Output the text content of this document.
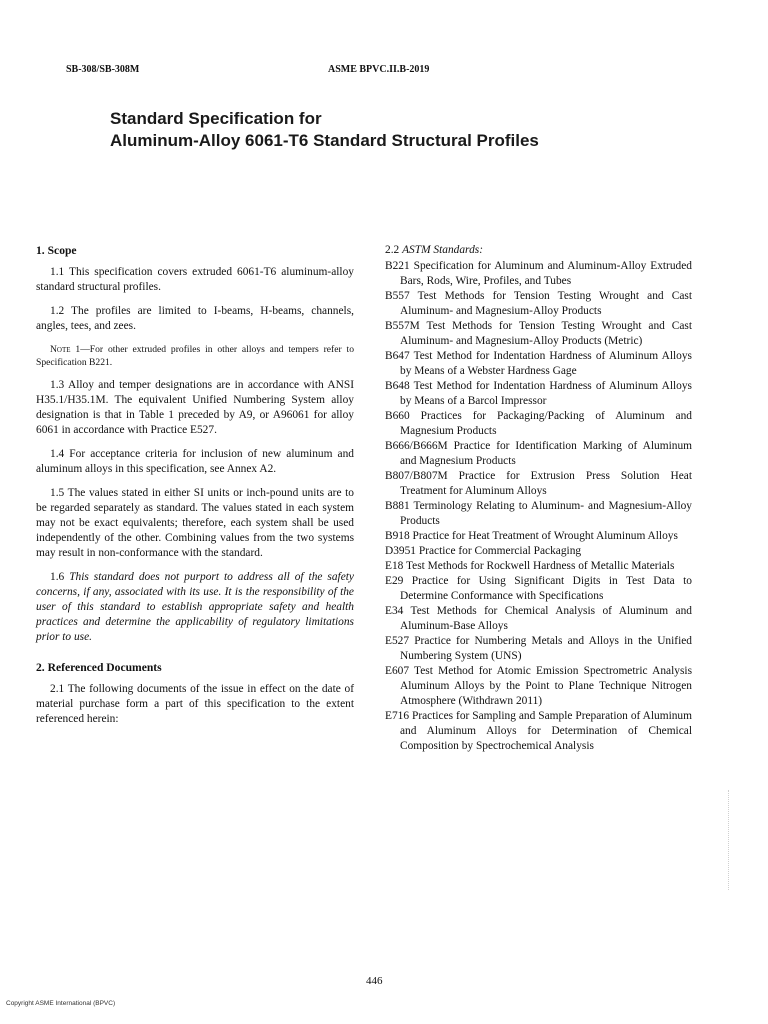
SB-308/SB-308M	ASME BPVC.II.B-2019
Standard Specification for
Aluminum-Alloy 6061-T6 Standard Structural Profiles
1. Scope

1.1 This specification covers extruded 6061-T6 aluminum-alloy standard structural profiles.

1.2 The profiles are limited to I-beams, H-beams, channels, angles, tees, and zees.

Note 1—For other extruded profiles in other alloys and tempers refer to Specification B221.

1.3 Alloy and temper designations are in accordance with ANSI H35.1/H35.1M. The equivalent Unified Numbering System alloy designation is that in Table 1 preceded by A9, or A96061 for alloy 6061 in accordance with Practice E527.

1.4 For acceptance criteria for inclusion of new aluminum and aluminum alloys in this specification, see Annex A2.

1.5 The values stated in either SI units or inch-pound units are to be regarded separately as standard. The values stated in each system may not be exact equivalents; therefore, each system shall be used independently of the other. Combining values from the two systems may result in non-conformance with the standard.

1.6 This standard does not purport to address all of the safety concerns, if any, associated with its use. It is the responsibility of the user of this standard to establish appropriate safety and health practices and determine the applicability of regulatory limitations prior to use.

2. Referenced Documents

2.1 The following documents of the issue in effect on the date of material purchase form a part of this specification to the extent referenced herein:

2.2 ASTM Standards:

B221 Specification for Aluminum and Aluminum-Alloy Extruded Bars, Rods, Wire, Profiles, and Tubes

B557 Test Methods for Tension Testing Wrought and Cast Aluminum- and Magnesium-Alloy Products

B557M Test Methods for Tension Testing Wrought and Cast Aluminum- and Magnesium-Alloy Products (Metric)

B647 Test Method for Indentation Hardness of Aluminum Alloys by Means of a Webster Hardness Gage

B648 Test Method for Indentation Hardness of Aluminum Alloys by Means of a Barcol Impressor

B660 Practices for Packaging/Packing of Aluminum and Magnesium Products

B666/B666M Practice for Identification Marking of Aluminum and Magnesium Products

B807/B807M Practice for Extrusion Press Solution Heat Treatment for Aluminum Alloys

B881 Terminology Relating to Aluminum- and Magnesium-Alloy Products

B918 Practice for Heat Treatment of Wrought Aluminum Alloys

D3951 Practice for Commercial Packaging

E18 Test Methods for Rockwell Hardness of Metallic Materials

E29 Practice for Using Significant Digits in Test Data to Determine Conformance with Specifications

E34 Test Methods for Chemical Analysis of Aluminum and Aluminum-Base Alloys

E527 Practice for Numbering Metals and Alloys in the Unified Numbering System (UNS)

E607 Test Method for Atomic Emission Spectrometric Analysis Aluminum Alloys by the Point to Plane Technique Nitrogen Atmosphere (Withdrawn 2011)

E716 Practices for Sampling and Sample Preparation of Aluminum and Aluminum Alloys for Determination of Chemical Composition by Spectrochemical Analysis

446
Copyright ASME International (BPVC)
